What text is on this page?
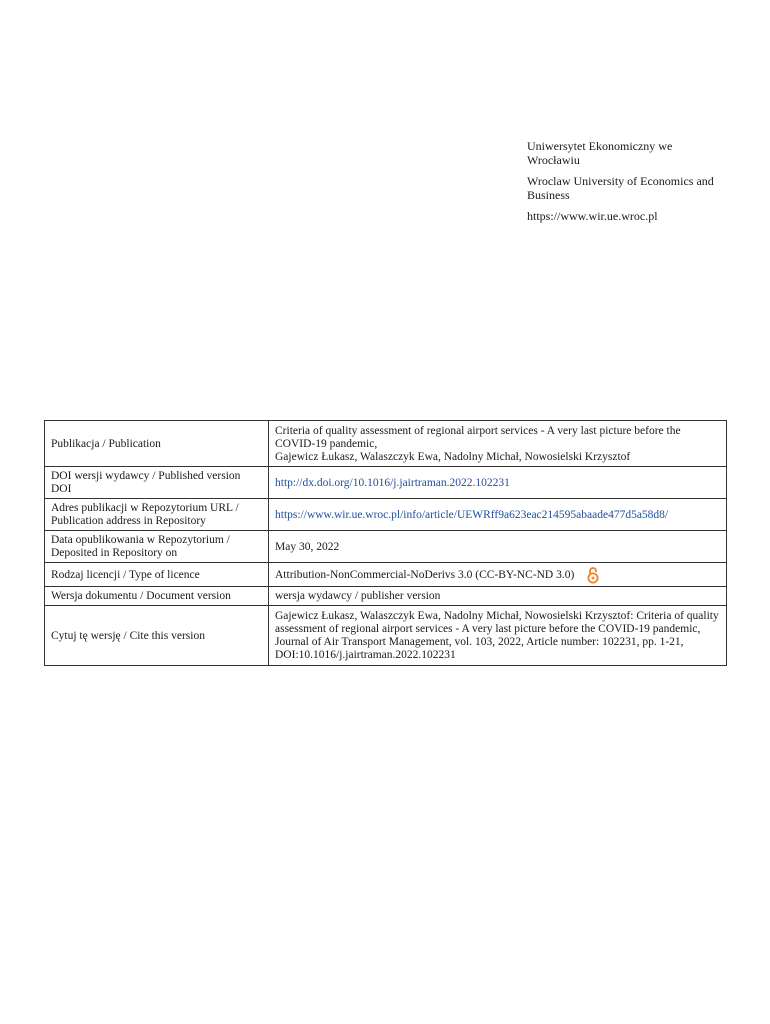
Uniwersytet Ekonomiczny we Wrocławiu

Wroclaw University of Economics and Business

https://www.wir.ue.wroc.pl

Publikacja / Publication	Criteria of quality assessment of regional airport services - A very last picture before the COVID-19 pandemic,
Gajewicz Łukasz, Walaszczyk Ewa, Nadolny Michał, Nowosielski Krzysztof
DOI wersji wydawcy / Published version DOI	http://dx.doi.org/10.1016/j.jairtraman.2022.102231
Adres publikacji w Repozytorium URL / Publication address in Repository	https://www.wir.ue.wroc.pl/info/article/UEWRff9a623eac214595abaade477d5a58d8/
Data opublikowania w Repozytorium / Deposited in Repository on	May 30, 2022
Rodzaj licencji / Type of licence	Attribution-NonCommercial-NoDerivs 3.0 (CC-BY-NC-ND 3.0)

Wersja dokumentu / Document version	wersja wydawcy / publisher version
Cytuj tę wersję / Cite this version	Gajewicz Łukasz, Walaszczyk Ewa, Nadolny Michał, Nowosielski Krzysztof: Criteria of quality assessment of regional airport services - A very last picture before the COVID-19 pandemic, Journal of Air Transport Management, vol. 103, 2022, Article number: 102231, pp. 1-21, DOI:10.1016/j.jairtraman.2022.102231
